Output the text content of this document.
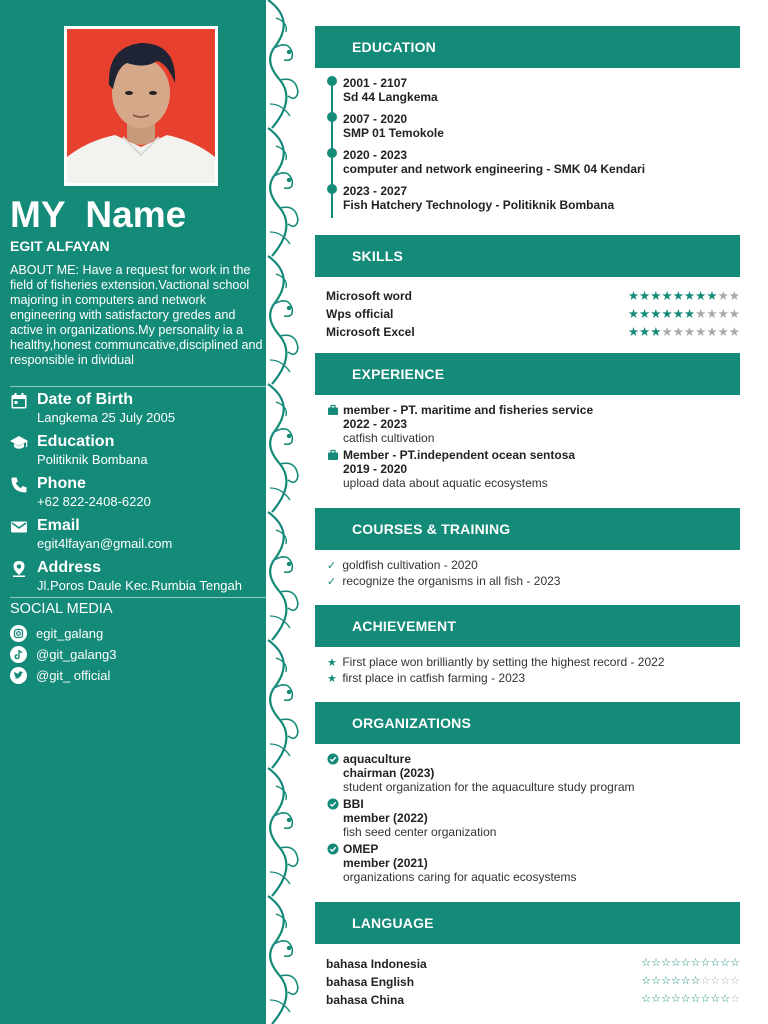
MY  Name
EGIT ALFAYAN
ABOUT ME: Have a request for work in the field of fisheries extension.Vactional school majoring in computers and network engineering with satisfactory gredes and active in organizations.My personality ia a healthy,honest communcative,disciplined and responsible in dividual
Date of Birth
Langkema 25 July 2005
Education
Politiknik Bombana
Phone
+62 822-2408-6220
Email
egit4lfayan@gmail.com
Address
Jl.Poros Daule Kec.Rumbia Tengah
SOCIAL MEDIA
egit_galang
@git_galang3
@git_ official
EDUCATION
2001 - 2107
Sd 44 Langkema
2007 - 2020
SMP 01 Temokole
2020 - 2023
computer and network engineering - SMK 04 Kendari
2023 - 2027
Fish Hatchery Technology - Politiknik Bombana
SKILLS
Microsoft word	★★★★★★★★★★
Wps official	★★★★★★★★★★
Microsoft Excel	★★★★★★★★★★
EXPERIENCE
member - PT. maritime and fisheries service
2022 - 2023
catfish cultivation
Member - PT.independent ocean sentosa
2019 - 2020
upload data about aquatic ecosystems
COURSES & TRAINING
✓ goldfish cultivation - 2020
✓ recognize the organisms in all fish - 2023
ACHIEVEMENT
★ First place won brilliantly by setting the highest record - 2022
★ first place in catfish farming - 2023
ORGANIZATIONS
aquaculture
chairman (2023)
student organization for the aquaculture study program
BBI
member (2022)
fish seed center organization
OMEP
member (2021)
organizations caring for aquatic ecosystems
LANGUAGE
bahasa Indonesia	☆☆☆☆☆☆☆☆☆☆
bahasa English	☆☆☆☆☆☆☆☆☆☆
bahasa China	☆☆☆☆☆☆☆☆☆☆
